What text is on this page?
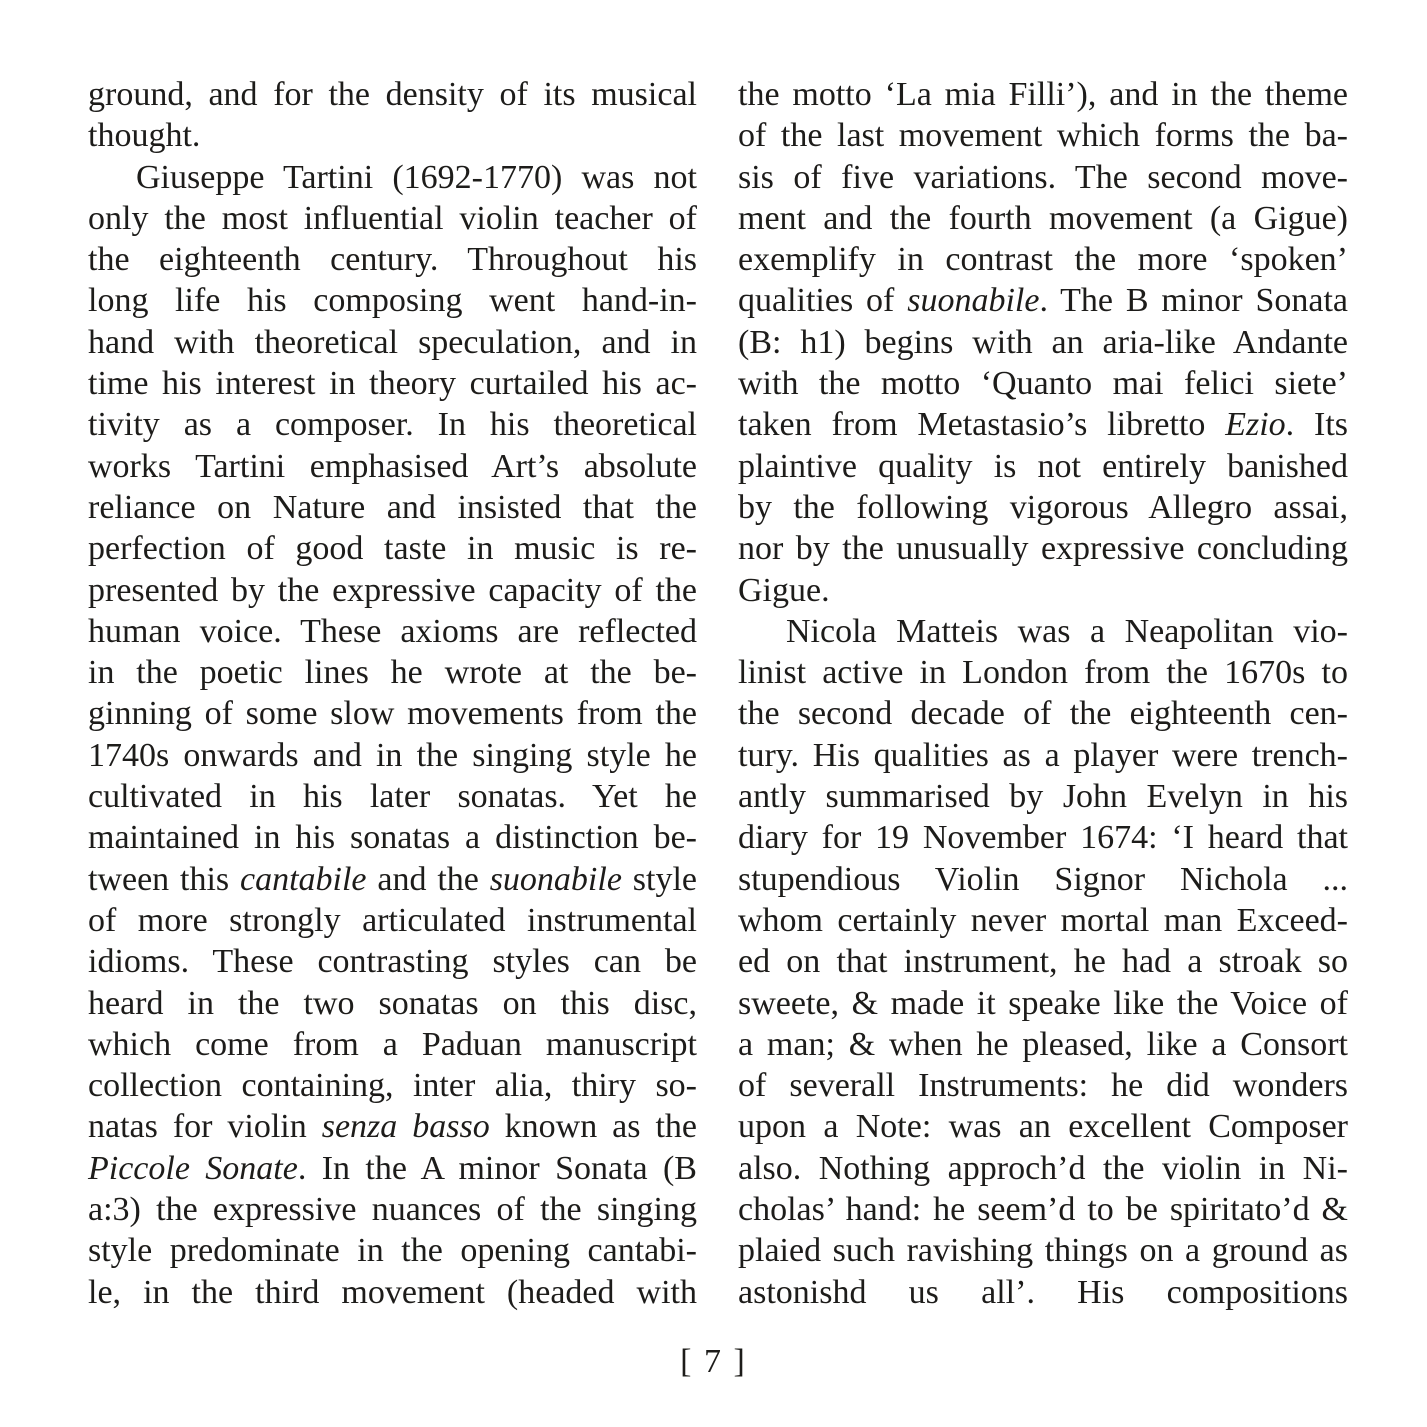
ground, and for the density of its musical
thought.
Giuseppe Tartini (1692-1770) was not
only the most influential violin teacher of
the eighteenth century. Throughout his
long life his composing went hand-in-
hand with theoretical speculation, and in
time his interest in theory curtailed his ac-
tivity as a composer. In his theoretical
works Tartini emphasised Art’s absolute
reliance on Nature and insisted that the
perfection of good taste in music is re-
presented by the expressive capacity of the
human voice. These axioms are reflected
in the poetic lines he wrote at the be-
ginning of some slow movements from the
1740s onwards and in the singing style he
cultivated in his later sonatas. Yet he
maintained in his sonatas a distinction be-
tween this cantabile and the suonabile style
of more strongly articulated instrumental
idioms. These contrasting styles can be
heard in the two sonatas on this disc,
which come from a Paduan manuscript
collection containing, inter alia, thiry so-
natas for violin senza basso known as the
Piccole Sonate. In the A minor Sonata (B
a:3) the expressive nuances of the singing
style predominate in the opening cantabi-
le, in the third movement (headed with
the motto ‘La mia Filli’), and in the theme
of the last movement which forms the ba-
sis of five variations. The second move-
ment and the fourth movement (a Gigue)
exemplify in contrast the more ‘spoken’
qualities of suonabile. The B minor Sonata
(B: h1) begins with an aria-like Andante
with the motto ‘Quanto mai felici siete’
taken from Metastasio’s libretto Ezio. Its
plaintive quality is not entirely banished
by the following vigorous Allegro assai,
nor by the unusually expressive concluding
Gigue.
Nicola Matteis was a Neapolitan vio-
linist active in London from the 1670s to
the second decade of the eighteenth cen-
tury. His qualities as a player were trench-
antly summarised by John Evelyn in his
diary for 19 November 1674: ‘I heard that
stupendious Violin Signor Nichola ...
whom certainly never mortal man Exceed-
ed on that instrument, he had a stroak so
sweete, & made it speake like the Voice of
a man; & when he pleased, like a Consort
of severall Instruments: he did wonders
upon a Note: was an excellent Composer
also. Nothing approch’d the violin in Ni-
cholas’ hand: he seem’d to be spiritato’d &
plaied such ravishing things on a ground as
astonishd us all’. His compositions
[ 7 ]
